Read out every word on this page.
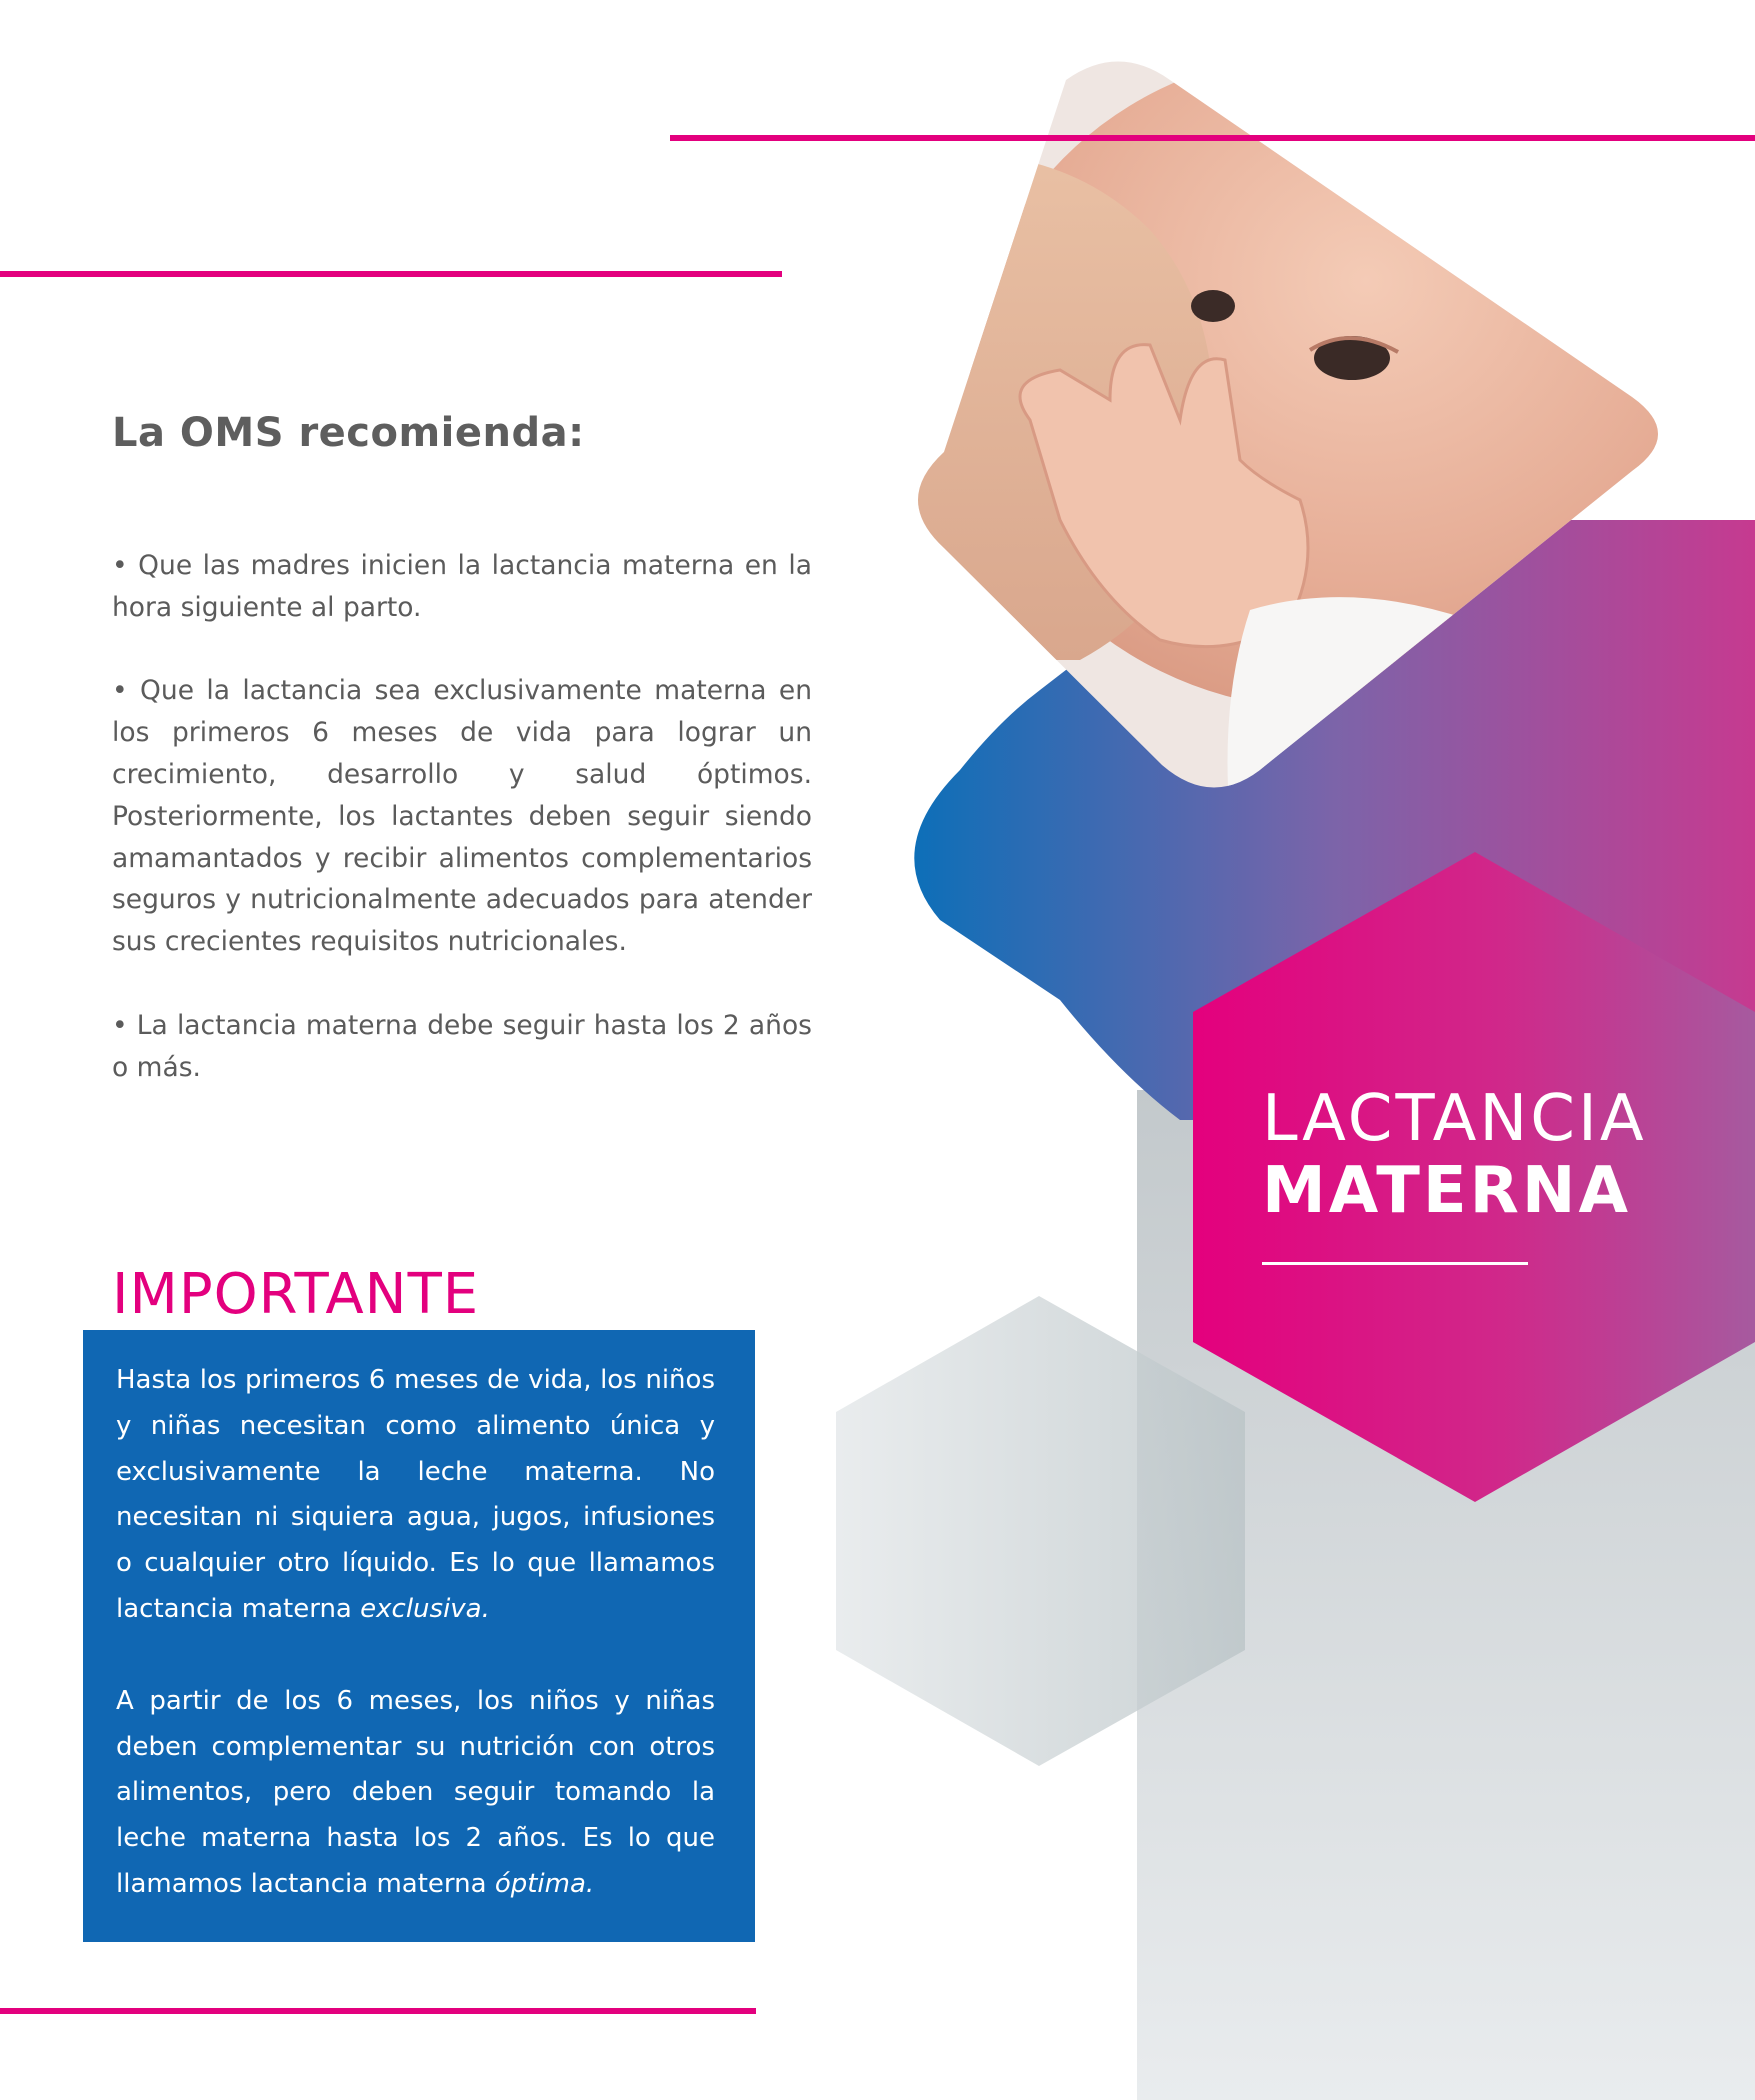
La OMS recomienda:

• Que las madres inicien la lactancia materna en la hora siguiente al parto.

• Que la lactancia sea exclusivamente materna en los primeros 6 meses de vida para lograr un crecimiento, desarrollo y salud óptimos. Posteriormente, los lactantes deben seguir siendo amamantados y recibir alimentos complementarios seguros y nutricionalmente adecuados para atender sus crecientes requisitos nutricionales.

• La lactancia materna debe seguir hasta los 2 años o más.

IMPORTANTE

Hasta los primeros 6 meses de vida, los niños y niñas necesitan como alimento única y exclusivamente la leche materna. No necesitan ni siquiera agua, jugos, infusiones o cualquier otro líquido. Es lo que llamamos lactancia materna exclusiva.

A partir de los 6 meses, los niños y niñas deben complementar su nutrición con otros alimentos, pero deben seguir tomando la leche materna hasta los 2 años. Es lo que llamamos lactancia materna óptima.

LACTANCIA
MATERNA
